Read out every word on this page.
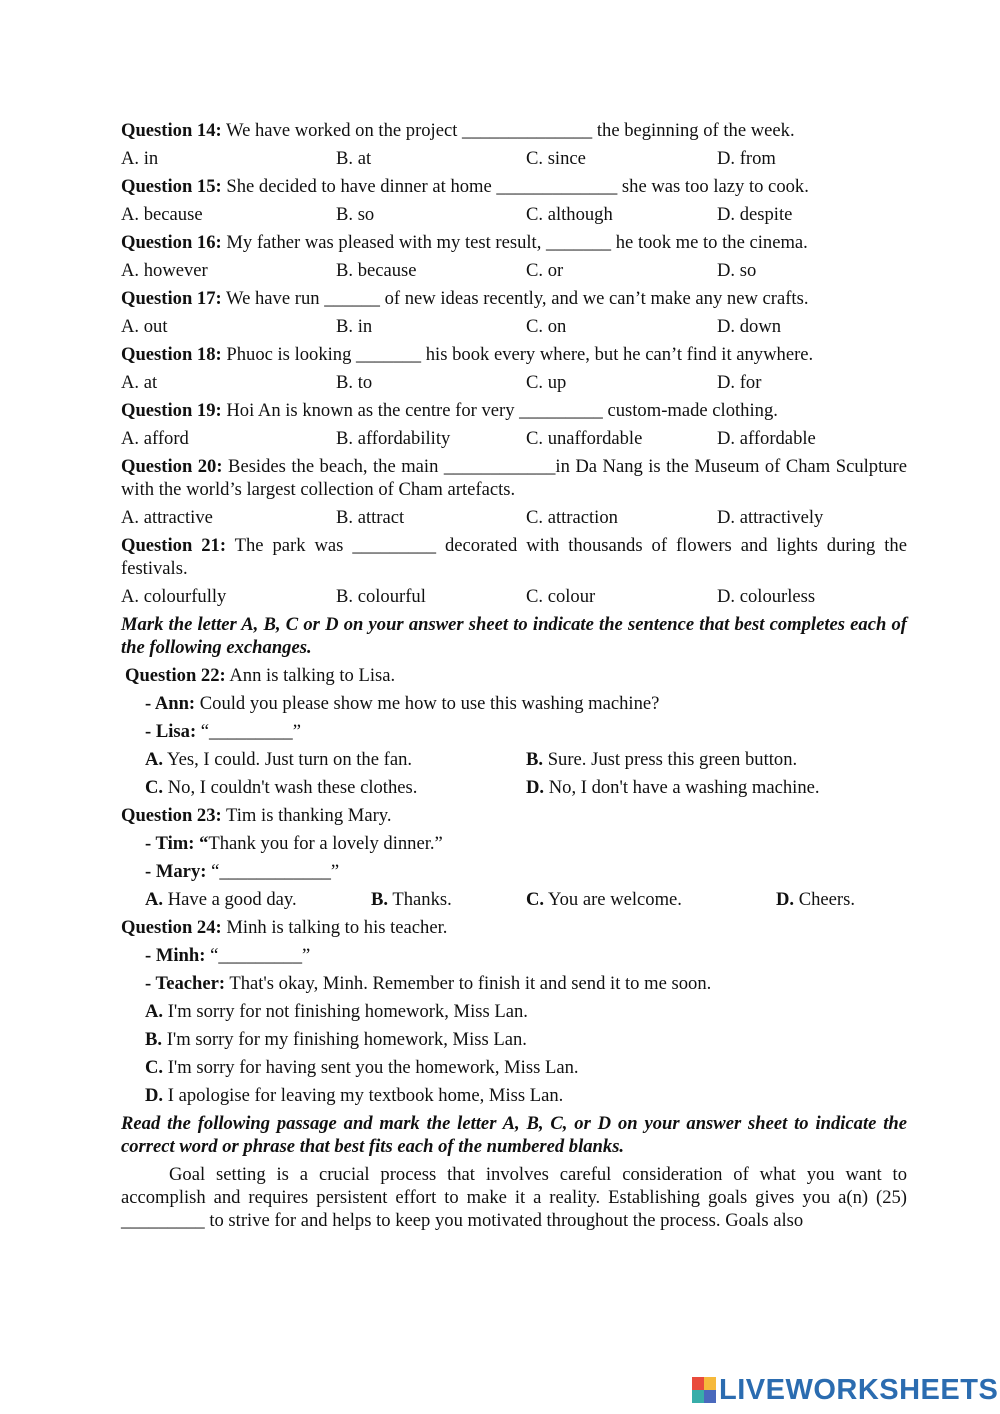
Question 14: We have worked on the project ______________ the beginning of the week.
A. in	B. at	C. since	D. from
Question 15: She decided to have dinner at home _____________ she was too lazy to cook.
A. because	B. so	C. although	D. despite
Question 16: My father was pleased with my test result, _______ he took me to the cinema.
A. however	B. because	C. or	D. so
Question 17: We have run ______ of new ideas recently, and we can’t make any new crafts.
A. out	B. in	C. on	D. down
Question 18: Phuoc is looking _______ his book every where, but he can’t find it anywhere.
A. at	B. to	C. up	D. for
Question 19: Hoi An is known as the centre for very _________ custom-made clothing.
A. afford	B. affordability	C. unaffordable	D. affordable
Question 20: Besides the beach, the main ____________in Da Nang is the Museum of Cham Sculpture with the world’s largest collection of Cham artefacts.
A. attractive	B. attract	C. attraction	D. attractively
Question 21: The park was _________ decorated with thousands of flowers and lights during the festivals.
A. colourfully	B. colourful	C. colour	D. colourless
Mark the letter A, B, C or D on your answer sheet to indicate the sentence that best completes each of the following exchanges.
Question 22: Ann is talking to Lisa.
- Ann: Could you please show me how to use this washing machine?
- Lisa: “_________”
A. Yes, I could. Just turn on the fan.	B. Sure. Just press this green button.
C. No, I couldn't wash these clothes.	D. No, I don't have a washing machine.
Question 23: Tim is thanking Mary.
- Tim: “Thank you for a lovely dinner.”
- Mary: “____________”
A. Have a good day.	B. Thanks.	C. You are welcome.	D. Cheers.
Question 24: Minh is talking to his teacher.
- Minh: “_________”
- Teacher: That's okay, Minh. Remember to finish it and send it to me soon.
A. I'm sorry for not finishing homework, Miss Lan.
B. I'm sorry for my finishing homework, Miss Lan.
C. I'm sorry for having sent you the homework, Miss Lan.
D. I apologise for leaving my textbook home, Miss Lan.
Read the following passage and mark the letter A, B, C, or D on your answer sheet to indicate the correct word or phrase that best fits each of the numbered blanks.
Goal setting is a crucial process that involves careful consideration of what you want to accomplish and requires persistent effort to make it a reality. Establishing goals gives you a(n) (25) _________ to strive for and helps to keep you motivated throughout the process. Goals also
LIVEWORKSHEETS
